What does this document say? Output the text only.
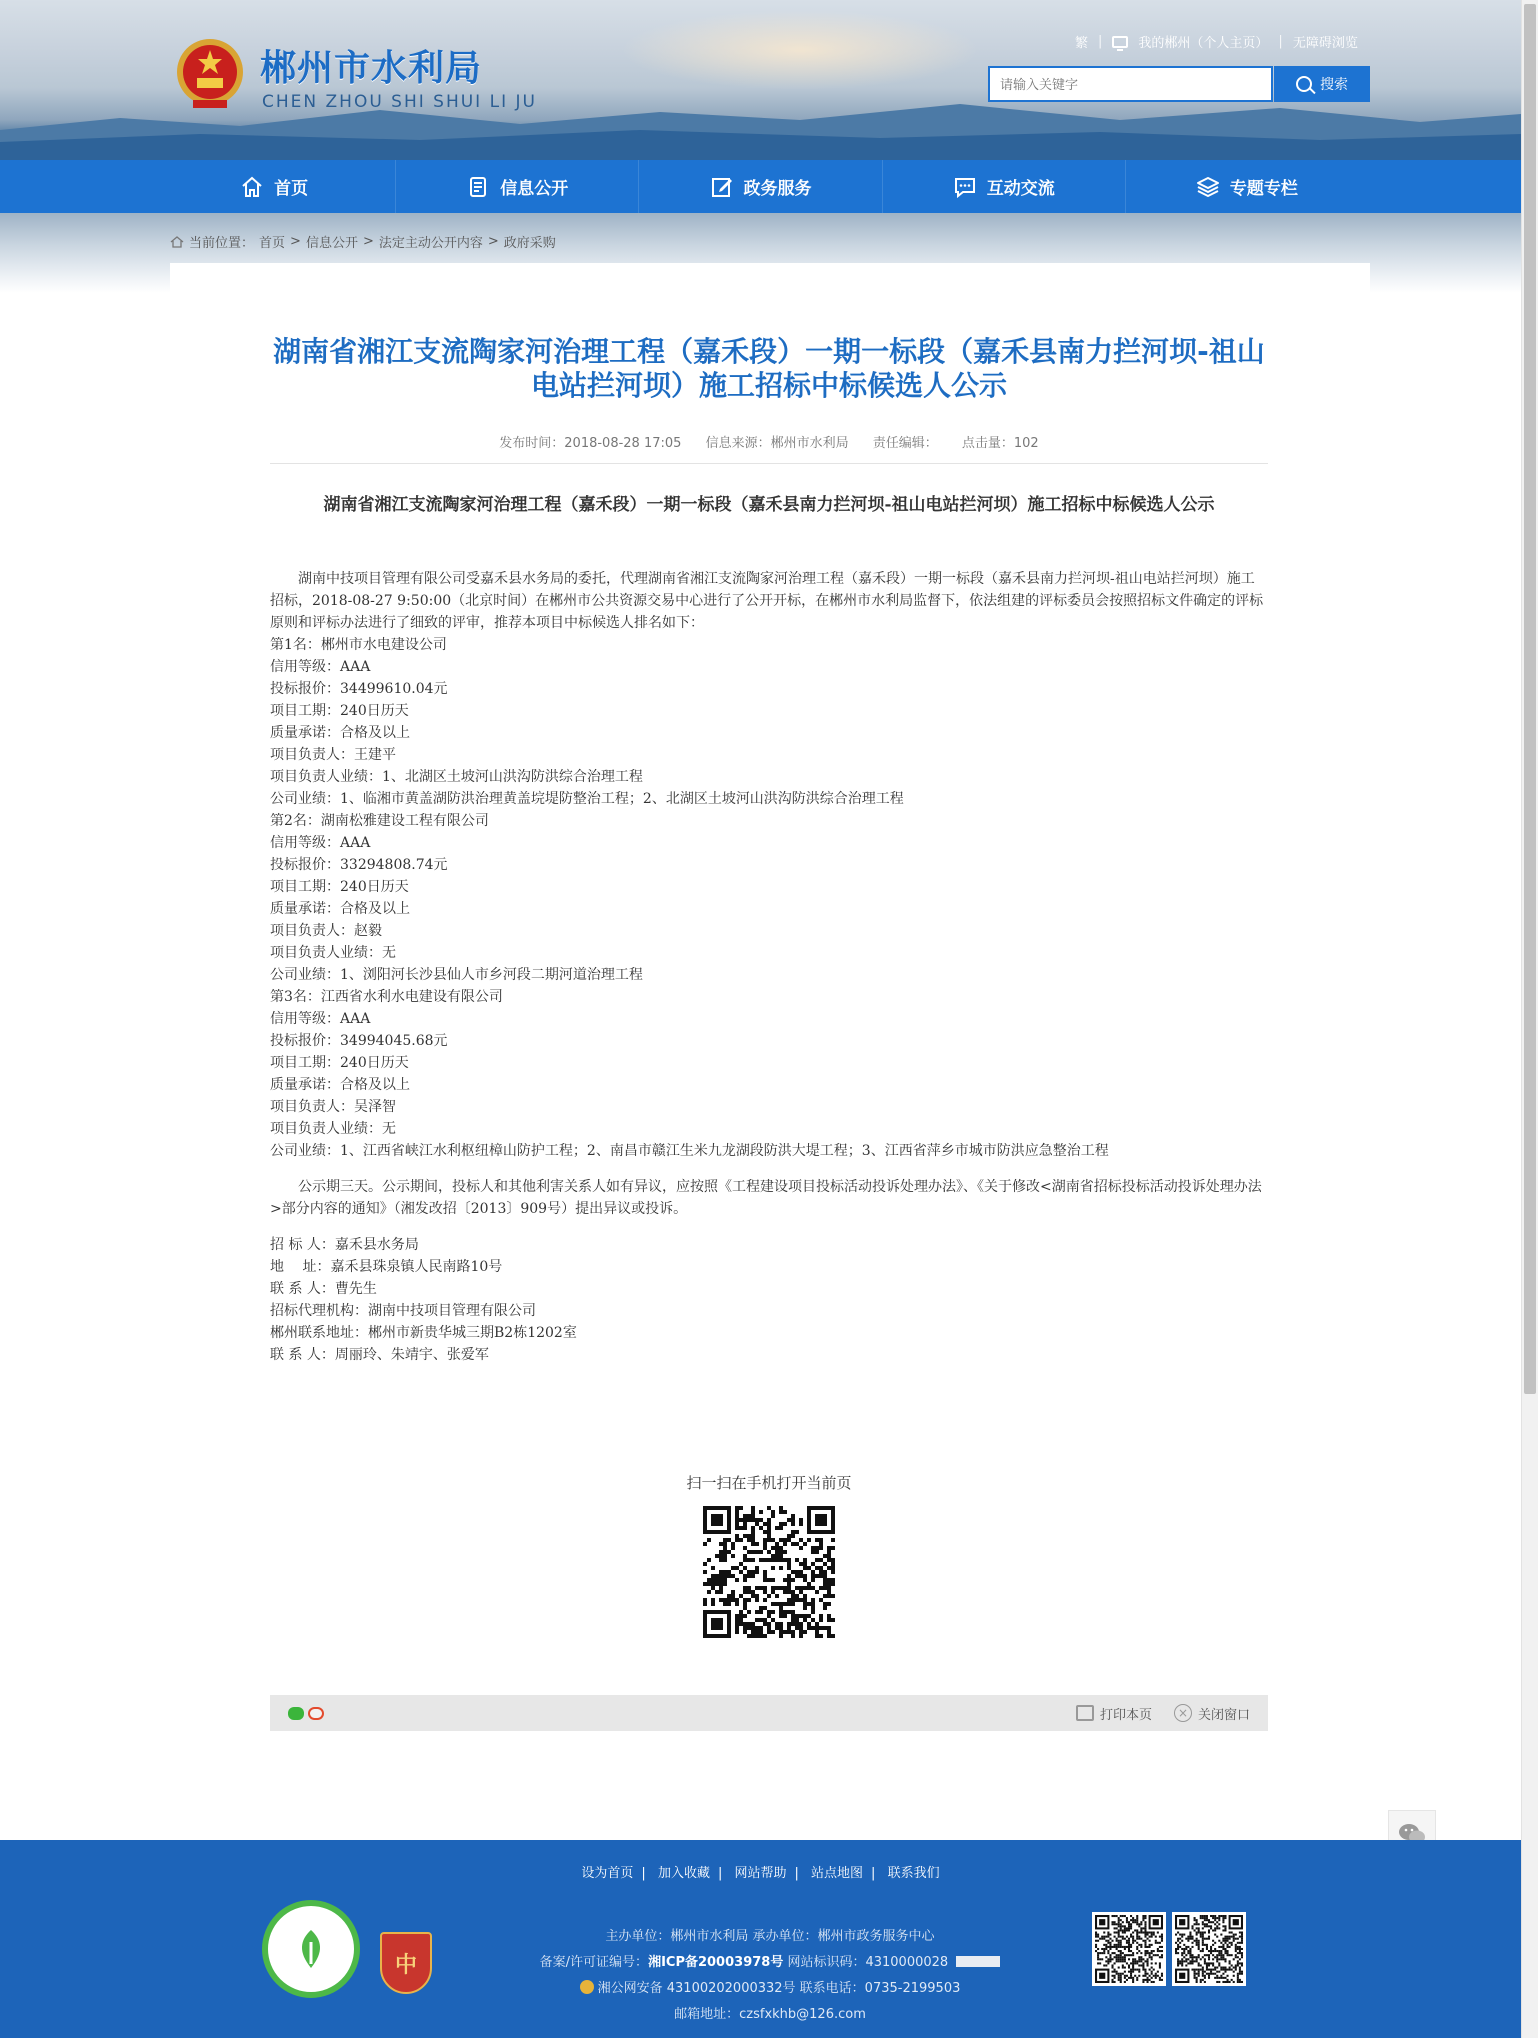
郴州市水利局
CHEN ZHOU SHI SHUI LI JU
繁 |	我的郴州（个人主页） | 无障碍浏览
请输入关键字
搜索
首页	信息公开	政务服务	互动交流	专题专栏
当前位置： 首页 > 信息公开 > 法定主动公开内容 > 政府采购
湖南省湘江支流陶家河治理工程（嘉禾段）一期一标段（嘉禾县南力拦河坝-祖山电站拦河坝）施工招标中标候选人公示
发布时间：2018-08-28 17:05 信息来源：郴州市水利局 责任编辑： 点击量：102
湖南省湘江支流陶家河治理工程（嘉禾段）一期一标段（嘉禾县南力拦河坝-祖山电站拦河坝）施工招标中标候选人公示

湖南中技项目管理有限公司受嘉禾县水务局的委托，代理湖南省湘江支流陶家河治理工程（嘉禾段）一期一标段（嘉禾县南力拦河坝-祖山电站拦河坝）施工招标，2018-08-27 9:50:00（北京时间）在郴州市公共资源交易中心进行了公开开标，在郴州市水利局监督下，依法组建的评标委员会按照招标文件确定的评标原则和评标办法进行了细致的评审，推荐本项目中标候选人排名如下：

第1名：郴州市水电建设公司

信用等级：AAA

投标报价：34499610.04元

项目工期：240日历天

质量承诺：合格及以上

项目负责人：王建平

项目负责人业绩：1、北湖区土坡河山洪沟防洪综合治理工程

公司业绩：1、临湘市黄盖湖防洪治理黄盖垸堤防整治工程；2、北湖区土坡河山洪沟防洪综合治理工程

第2名：湖南松雅建设工程有限公司

信用等级：AAA

投标报价：33294808.74元

项目工期：240日历天

质量承诺：合格及以上

项目负责人：赵毅

项目负责人业绩：无

公司业绩：1、浏阳河长沙县仙人市乡河段二期河道治理工程

第3名：江西省水利水电建设有限公司

信用等级：AAA

投标报价：34994045.68元

项目工期：240日历天

质量承诺：合格及以上

项目负责人：吴泽智

项目负责人业绩：无

公司业绩：1、江西省峡江水利枢纽樟山防护工程；2、南昌市赣江生米九龙湖段防洪大堤工程；3、江西省萍乡市城市防洪应急整治工程

公示期三天。公示期间，投标人和其他利害关系人如有异议，应按照《工程建设项目投标活动投诉处理办法》、《关于修改<湖南省招标投标活动投诉处理办法>部分内容的通知》（湘发改招〔2013〕909号）提出异议或投诉。

招 标 人：嘉禾县水务局

地　 址：嘉禾县珠泉镇人民南路10号

联 系 人：曹先生

招标代理机构：湖南中技项目管理有限公司

郴州联系地址：郴州市新贵华城三期B2栋1202室

联 系 人：周丽玲、朱靖宇、张爱军

扫一扫在手机打开当前页
打印本页	× 关闭窗口
设为首页 | 加入收藏 | 网站帮助 | 站点地图 | 联系我们
中
主办单位：郴州市水利局 承办单位：郴州市政务服务中心
备案/许可证编号：湘ICP备20003978号 网站标识码：4310000028
湘公网安备 43100202000332号 联系电话：0735-2199503
邮箱地址：czsfxkhb@126.com
